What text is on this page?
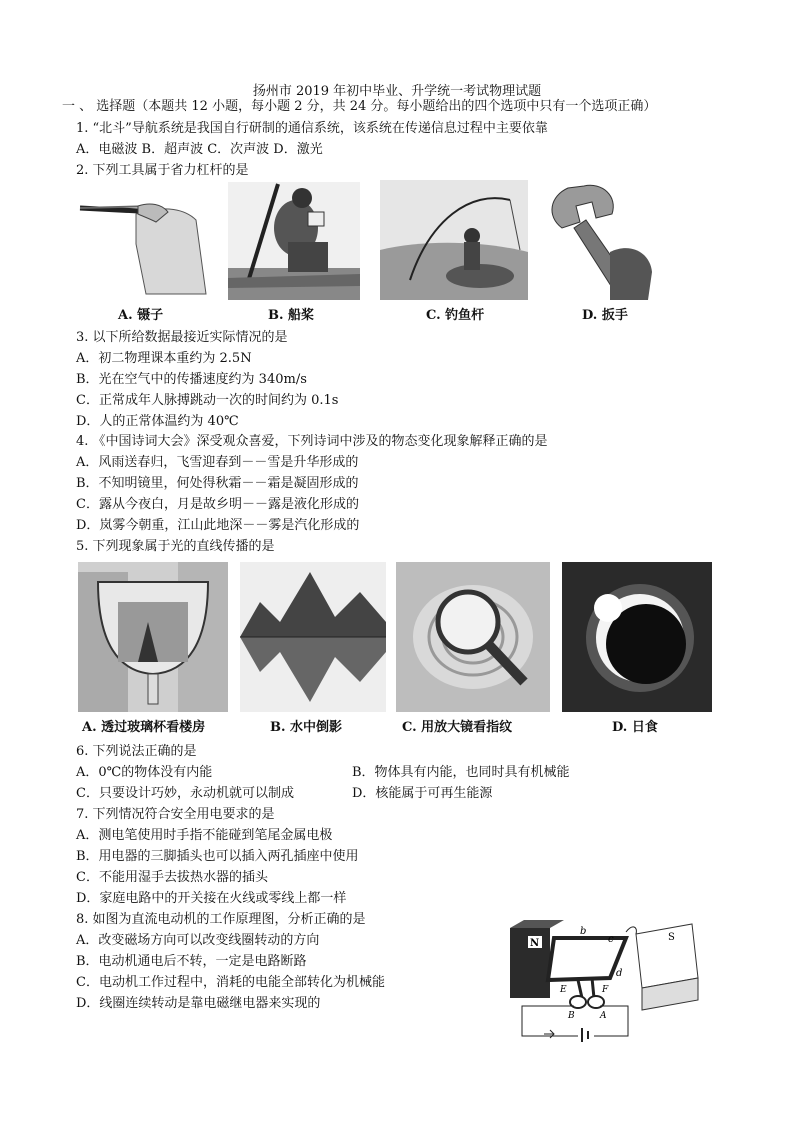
扬州市 2019 年初中毕业、升学统一考试物理试题
一 、 选择题（本题共 12 小题，每小题 2 分，共 24 分。每小题给出的四个选项中只有一个选项正确）
1. “北斗”导航系统是我国自行研制的通信系统，该系统在传递信息过程中主要依靠
A．电磁波 B．超声波 C．次声波 D．激光
2. 下列工具属于省力杠杆的是
A. 镊子	B. 船桨	C. 钓鱼杆	D. 扳手
3. 以下所给数据最接近实际情况的是
A．初二物理课本重约为 2.5N
B．光在空气中的传播速度约为 340m/s
C．正常成年人脉搏跳动一次的时间约为 0.1s
D．人的正常体温约为 40℃
4. 《中国诗词大会》深受观众喜爱，下列诗词中涉及的物态变化现象解释正确的是
A．风雨送春归，飞雪迎春到－－雪是升华形成的
B．不知明镜里，何处得秋霜－－霜是凝固形成的
C．露从今夜白，月是故乡明－－露是液化形成的
D．岚雾今朝重，江山此地深－－雾是汽化形成的
5. 下列现象属于光的直线传播的是
A. 透过玻璃杯看楼房	B. 水中倒影	C. 用放大镜看指纹	D. 日食
6. 下列说法正确的是
A．0℃的物体没有内能	B．物体具有内能，也同时具有机械能
C．只要设计巧妙，永动机就可以制成	D．核能属于可再生能源
7. 下列情况符合安全用电要求的是
A．测电笔使用时手指不能碰到笔尾金属电极
B．用电器的三脚插头也可以插入两孔插座中使用
C．不能用湿手去拔热水器的插头
D．家庭电路中的开关接在火线或零线上都一样
8. 如图为直流电动机的工作原理图，分析正确的是
A．改变磁场方向可以改变线圈转动的方向
B．电动机通电后不转，一定是电路断路
C．电动机工作过程中，消耗的电能全部转化为机械能
D．线圈连续转动是靠电磁继电器来实现的
N
S
b
a
c
d
E	F
B	A
